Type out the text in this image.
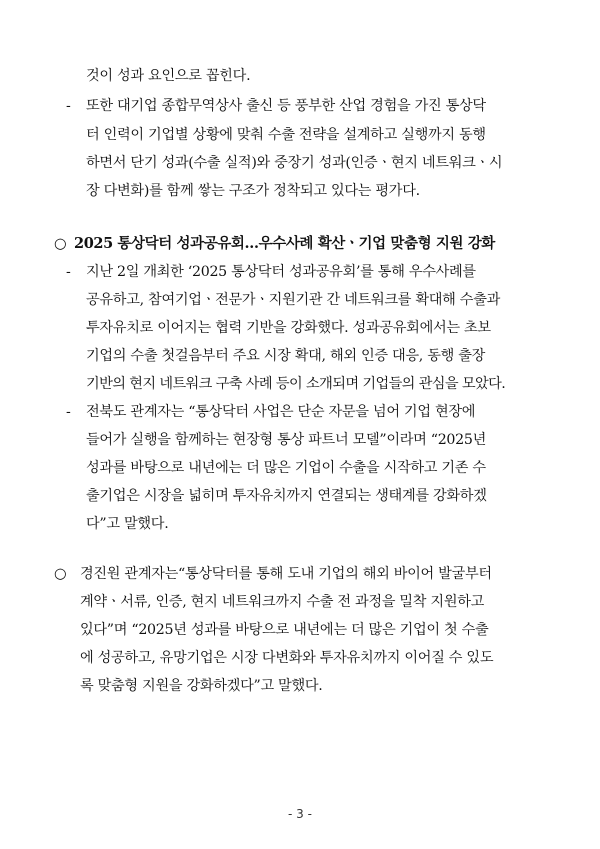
것이 성과 요인으로 꼽힌다.
- 또한 대기업 종합무역상사 출신 등 풍부한 산업 경험을 가진 통상닥
터 인력이 기업별 상황에 맞춰 수출 전략을 설계하고 실행까지 동행
하면서 단기 성과(수출 실적)와 중장기 성과(인증ㆍ현지 네트워크ㆍ시
장 다변화)를 함께 쌓는 구조가 정착되고 있다는 평가다.
○ 2025 통상닥터 성과공유회…우수사례 확산ㆍ기업 맞춤형 지원 강화
- 지난 2일 개최한 ‘2025 통상닥터 성과공유회’를 통해 우수사례를
공유하고, 참여기업ㆍ전문가ㆍ지원기관 간 네트워크를 확대해 수출과
투자유치로 이어지는 협력 기반을 강화했다. 성과공유회에서는 초보
기업의 수출 첫걸음부터 주요 시장 확대, 해외 인증 대응, 동행 출장
기반의 현지 네트워크 구축 사례 등이 소개되며 기업들의 관심을 모았다.
- 전북도 관계자는 “통상닥터 사업은 단순 자문을 넘어 기업 현장에
들어가 실행을 함께하는 현장형 통상 파트너 모델”이라며 “2025년
성과를 바탕으로 내년에는 더 많은 기업이 수출을 시작하고 기존 수
출기업은 시장을 넓히며 투자유치까지 연결되는 생태계를 강화하겠
다”고 말했다.
○ 경진원 관계자는“통상닥터를 통해 도내 기업의 해외 바이어 발굴부터
계약ㆍ서류, 인증, 현지 네트워크까지 수출 전 과정을 밀착 지원하고
있다”며 “2025년 성과를 바탕으로 내년에는 더 많은 기업이 첫 수출
에 성공하고, 유망기업은 시장 다변화와 투자유치까지 이어질 수 있도
록 맞춤형 지원을 강화하겠다”고 말했다.
- 3 -
